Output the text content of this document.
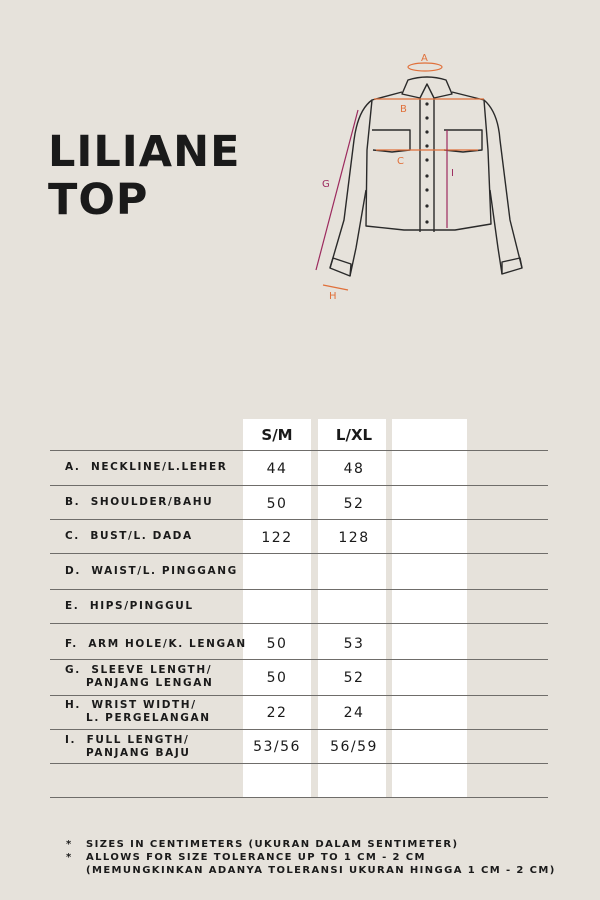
LILIANE
TOP
A
B
C
H
G
I
S/M	L/XL
A.  NECKLINE/L.LEHER	44	48
B.  SHOULDER/BAHU	50	52
C.  BUST/L. DADA	122	128
D.  WAIST/L. PINGGANG
E.  HIPS/PINGGUL
F.  ARM HOLE/K. LENGAN	50	53
G.  SLEEVE LENGTH/
PANJANG LENGAN	50	52
H.  WRIST WIDTH/
L. PERGELANGAN	22	24
I.  FULL LENGTH/
PANJANG BAJU	53/56	56/59
*	SIZES IN CENTIMETERS (UKURAN DALAM SENTIMETER)
*	ALLOWS FOR SIZE TOLERANCE UP TO 1 CM - 2 CM
(MEMUNGKINKAN ADANYA TOLERANSI UKURAN HINGGA 1 CM - 2 CM)
